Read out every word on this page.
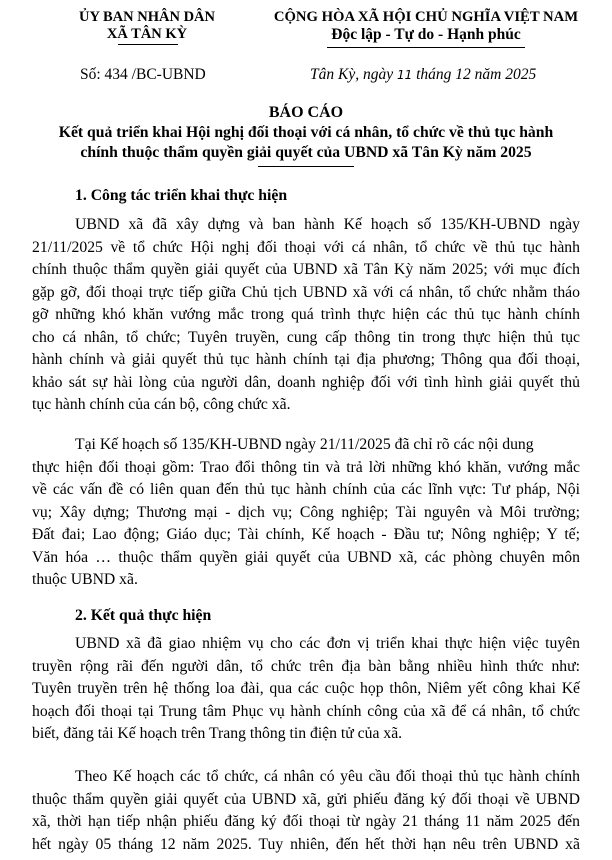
ỦY BAN NHÂN DÂN
XÃ TÂN KỲ
CỘNG HÒA XÃ HỘI CHỦ NGHĨA VIỆT NAM
Độc lập - Tự do - Hạnh phúc
Số: 434 /BC-UBND	Tân Kỳ, ngày 11 tháng 12 năm 2025
BÁO CÁO
Kết quả triển khai Hội nghị đối thoại với cá nhân, tổ chức về thủ tục hành
chính thuộc thẩm quyền giải quyết của UBND xã Tân Kỳ năm 2025
1. Công tác triển khai thực hiện
UBND xã đã xây dựng và ban hành Kế hoạch số 135/KH-UBND ngày
21/11/2025 về tổ chức Hội nghị đối thoại với cá nhân, tổ chức về thủ tục hành
chính thuộc thẩm quyền giải quyết của UBND xã Tân Kỳ năm 2025; với mục đích
gặp gỡ, đối thoại trực tiếp giữa Chủ tịch UBND xã với cá nhân, tổ chức nhằm tháo
gỡ những khó khăn vướng mắc trong quá trình thực hiện các thủ tục hành chính
cho cá nhân, tổ chức; Tuyên truyền, cung cấp thông tin trong thực hiện thủ tục
hành chính và giải quyết thủ tục hành chính tại địa phương; Thông qua đối thoại,
khảo sát sự hài lòng của người dân, doanh nghiệp đối với tình hình giải quyết thủ
tục hành chính của cán bộ, công chức xã.
Tại Kế hoạch số 135/KH-UBND ngày 21/11/2025 đã chỉ rõ các nội dung
thực hiện đối thoại gồm: Trao đổi thông tin và trả lời những khó khăn, vướng mắc
về các vấn đề có liên quan đến thủ tục hành chính của các lĩnh vực: Tư pháp, Nội
vụ; Xây dựng; Thương mại - dịch vụ; Công nghiệp; Tài nguyên và Môi trường;
Đất đai; Lao động; Giáo dục; Tài chính, Kế hoạch - Đầu tư; Nông nghiệp; Y tế;
Văn hóa … thuộc thẩm quyền giải quyết của UBND xã, các phòng chuyên môn
thuộc UBND xã.
2. Kết quả thực hiện
UBND xã đã giao nhiệm vụ cho các đơn vị triển khai thực hiện việc tuyên
truyền rộng rãi đến người dân, tổ chức trên địa bàn bằng nhiều hình thức như:
Tuyên truyền trên hệ thống loa đài, qua các cuộc họp thôn, Niêm yết công khai Kế
hoạch đối thoại tại Trung tâm Phục vụ hành chính công của xã để cá nhân, tổ chức
biết, đăng tải Kế hoạch trên Trang thông tin điện tử của xã.
Theo Kế hoạch các tổ chức, cá nhân có yêu cầu đối thoại thủ tục hành chính
thuộc thẩm quyền giải quyết của UBND xã, gửi phiếu đăng ký đối thoại về UBND
xã, thời hạn tiếp nhận phiếu đăng ký đối thoại từ ngày 21 tháng 11 năm 2025 đến
hết ngày 05 tháng 12 năm 2025. Tuy nhiên, đến hết thời hạn nêu trên UBND xã
